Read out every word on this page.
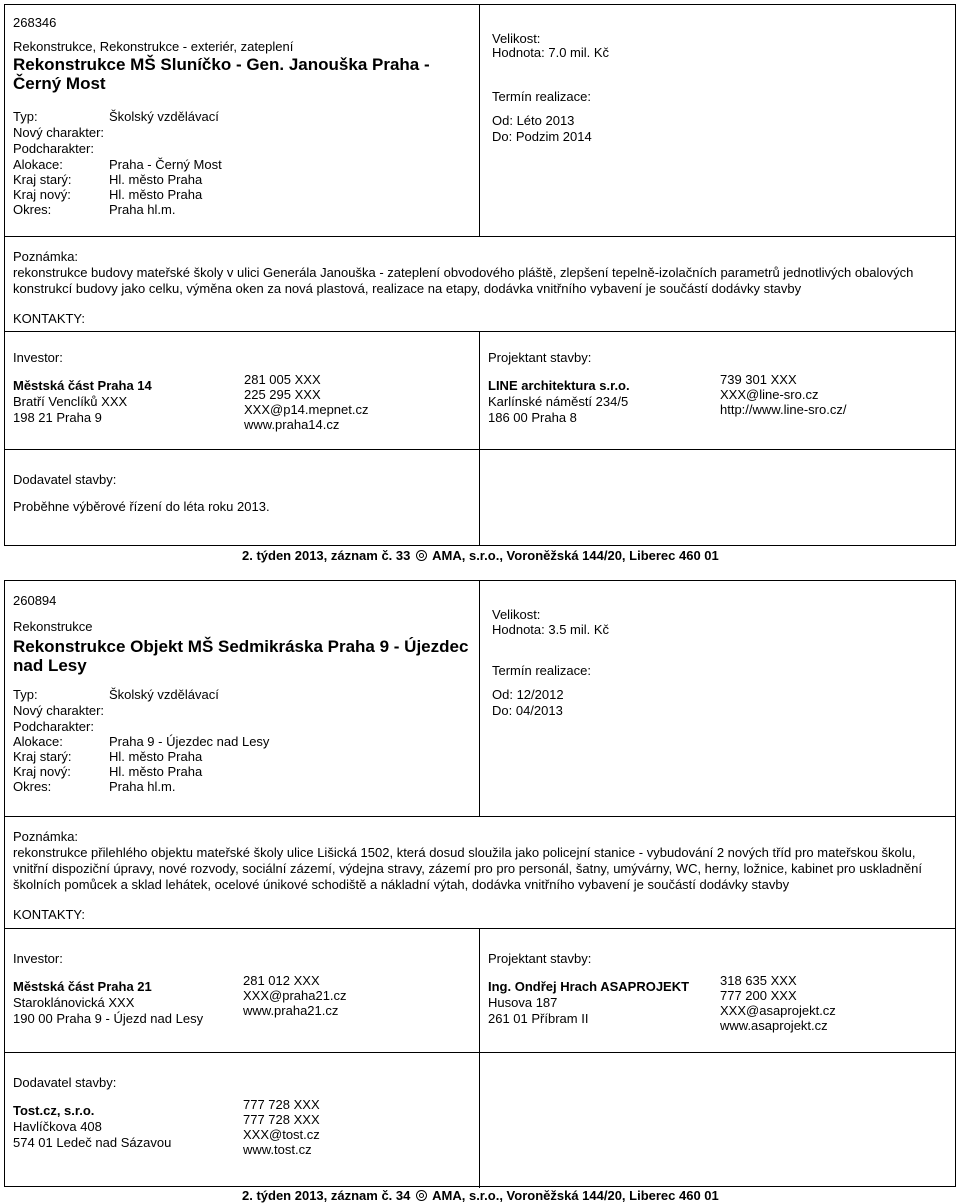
268346
Rekonstrukce, Rekonstrukce - exteriér, zateplení
Rekonstrukce MŠ Sluníčko - Gen. Janouška Praha - Černý Most
Typ:	Školský vzdělávací
Nový charakter:
Podcharakter:
Alokace:	Praha - Černý Most
Kraj starý:	Hl. město Praha
Kraj nový:	Hl. město Praha
Okres:	Praha hl.m.
Velikost:
Hodnota: 7.0 mil. Kč
Termín realizace:
Od: Léto 2013
Do: Podzim 2014
Poznámka:
rekonstrukce budovy mateřské školy v ulici Generála Janouška - zateplení obvodového pláště, zlepšení tepelně-izolačních parametrů jednotlivých obalových konstrukcí budovy jako celku, výměna oken za nová plastová, realizace na etapy, dodávka vnitřního vybavení je součástí dodávky stavby
KONTAKTY:
Investor:
Městská část Praha 14
Bratří Venclíků XXX
198 21 Praha 9
281 005 XXX
225 295 XXX
XXX@p14.mepnet.cz
www.praha14.cz
Projektant stavby:
LINE architektura s.r.o.
Karlínské náměstí 234/5
186 00 Praha 8
739 301 XXX
XXX@line-sro.cz
http://www.line-sro.cz/
Dodavatel stavby:
Proběhne výběrové řízení do léta roku 2013.
2. týden 2013, záznam č. 33 AMA, s.r.o., Voroněžská 144/20, Liberec 460 01
260894
Rekonstrukce
Rekonstrukce Objekt MŠ Sedmikráska Praha 9 - Újezdec nad Lesy
Typ:	Školský vzdělávací
Nový charakter:
Podcharakter:
Alokace:	Praha 9 - Újezdec nad Lesy
Kraj starý:	Hl. město Praha
Kraj nový:	Hl. město Praha
Okres:	Praha hl.m.
Velikost:
Hodnota: 3.5 mil. Kč
Termín realizace:
Od: 12/2012
Do: 04/2013
Poznámka:
rekonstrukce přilehlého objektu mateřské školy ulice Lišická 1502, která dosud sloužila jako policejní stanice - vybudování 2 nových tříd pro mateřskou školu, vnitřní dispoziční úpravy, nové rozvody, sociální zázemí, výdejna stravy, zázemí pro pro personál, šatny, umývárny, WC, herny, ložnice, kabinet pro uskladnění školních pomůcek a sklad lehátek, ocelové únikové schodiště a nákladní výtah, dodávka vnitřního vybavení je součástí dodávky stavby
KONTAKTY:
Investor:
Městská část Praha 21
Staroklánovická XXX
190 00 Praha 9 - Újezd nad Lesy
281 012 XXX
XXX@praha21.cz
www.praha21.cz
Projektant stavby:
Ing. Ondřej Hrach ASAPROJEKT
Husova 187
261 01 Příbram II
318 635 XXX
777 200 XXX
XXX@asaprojekt.cz
www.asaprojekt.cz
Dodavatel stavby:
Tost.cz, s.r.o.
Havlíčkova 408
574 01 Ledeč nad Sázavou
777 728 XXX
777 728 XXX
XXX@tost.cz
www.tost.cz
2. týden 2013, záznam č. 34 AMA, s.r.o., Voroněžská 144/20, Liberec 460 01
